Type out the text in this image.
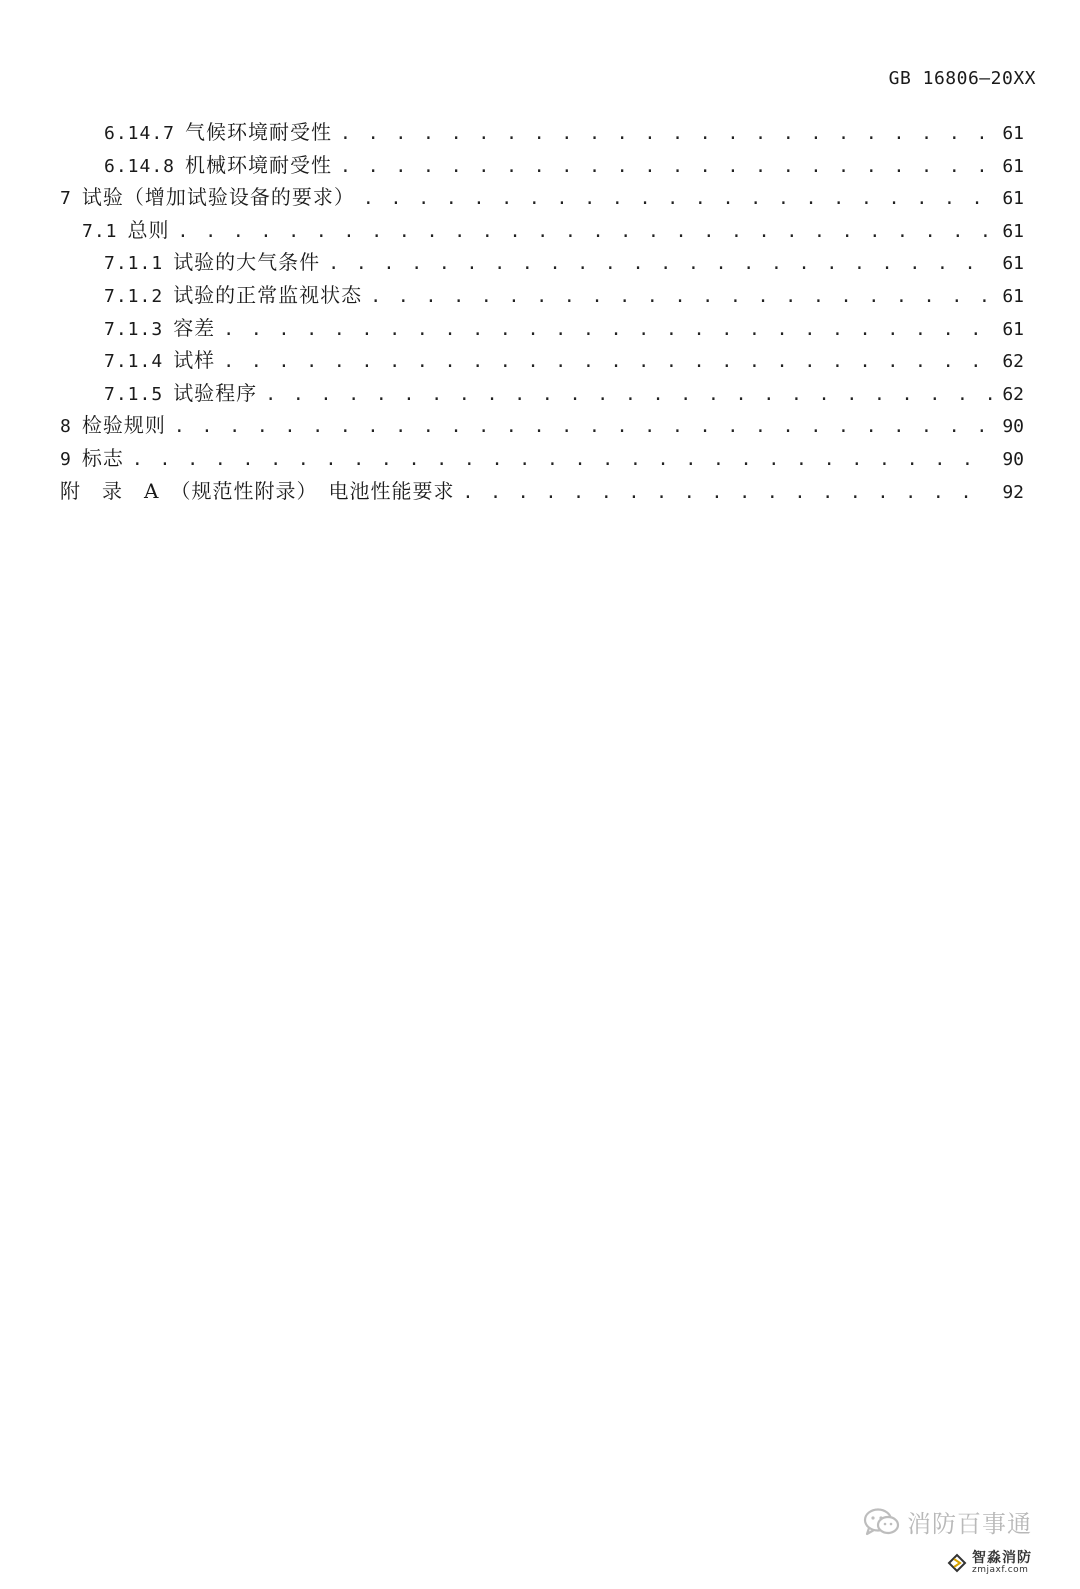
GB 16806—20XX
6.14.7 气候环境耐受性 . . .	61
6.14.8 机械环境耐受性 . . .	61
7 试验（增加试验设备的要求） . . .	61
7.1 总则 . . .	61
7.1.1 试验的大气条件 . . .	61
7.1.2 试验的正常监视状态 . . .	61
7.1.3 容差 . . .	61
7.1.4 试样 . . .	62
7.1.5 试验程序 . . .	62
8 检验规则 . . .	90
9 标志 . . .	90
附　录　A　（规范性附录）　电池性能要求 . . .	92
消防百事通
智淼消防
zmjaxf.com
